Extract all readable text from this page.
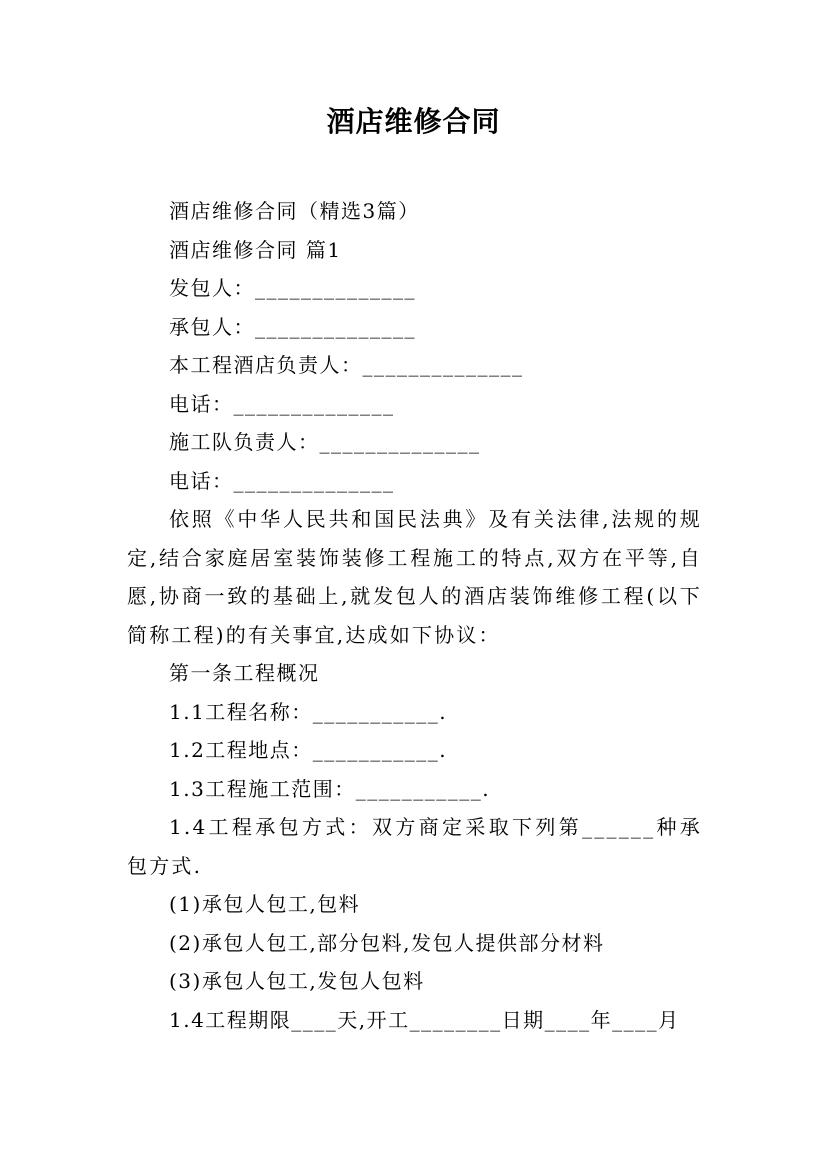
酒店维修合同

酒店维修合同（精选3篇）

酒店维修合同 篇1

发包人：______________

承包人：______________

本工程酒店负责人：______________

电话：______________

施工队负责人：______________

电话：______________

依照《中华人民共和国民法典》及有关法律,法规的规定,结合家庭居室装饰装修工程施工的特点,双方在平等,自愿,协商一致的基础上,就发包人的酒店装饰维修工程(以下简称工程)的有关事宜,达成如下协议：

第一条工程概况

1.1工程名称：___________.

1.2工程地点：___________.

1.3工程施工范围：___________.

1.4工程承包方式：双方商定采取下列第______种承包方式.

(1)承包人包工,包料

(2)承包人包工,部分包料,发包人提供部分材料

(3)承包人包工,发包人包料

1.4工程期限____天,开工________日期____年____月
